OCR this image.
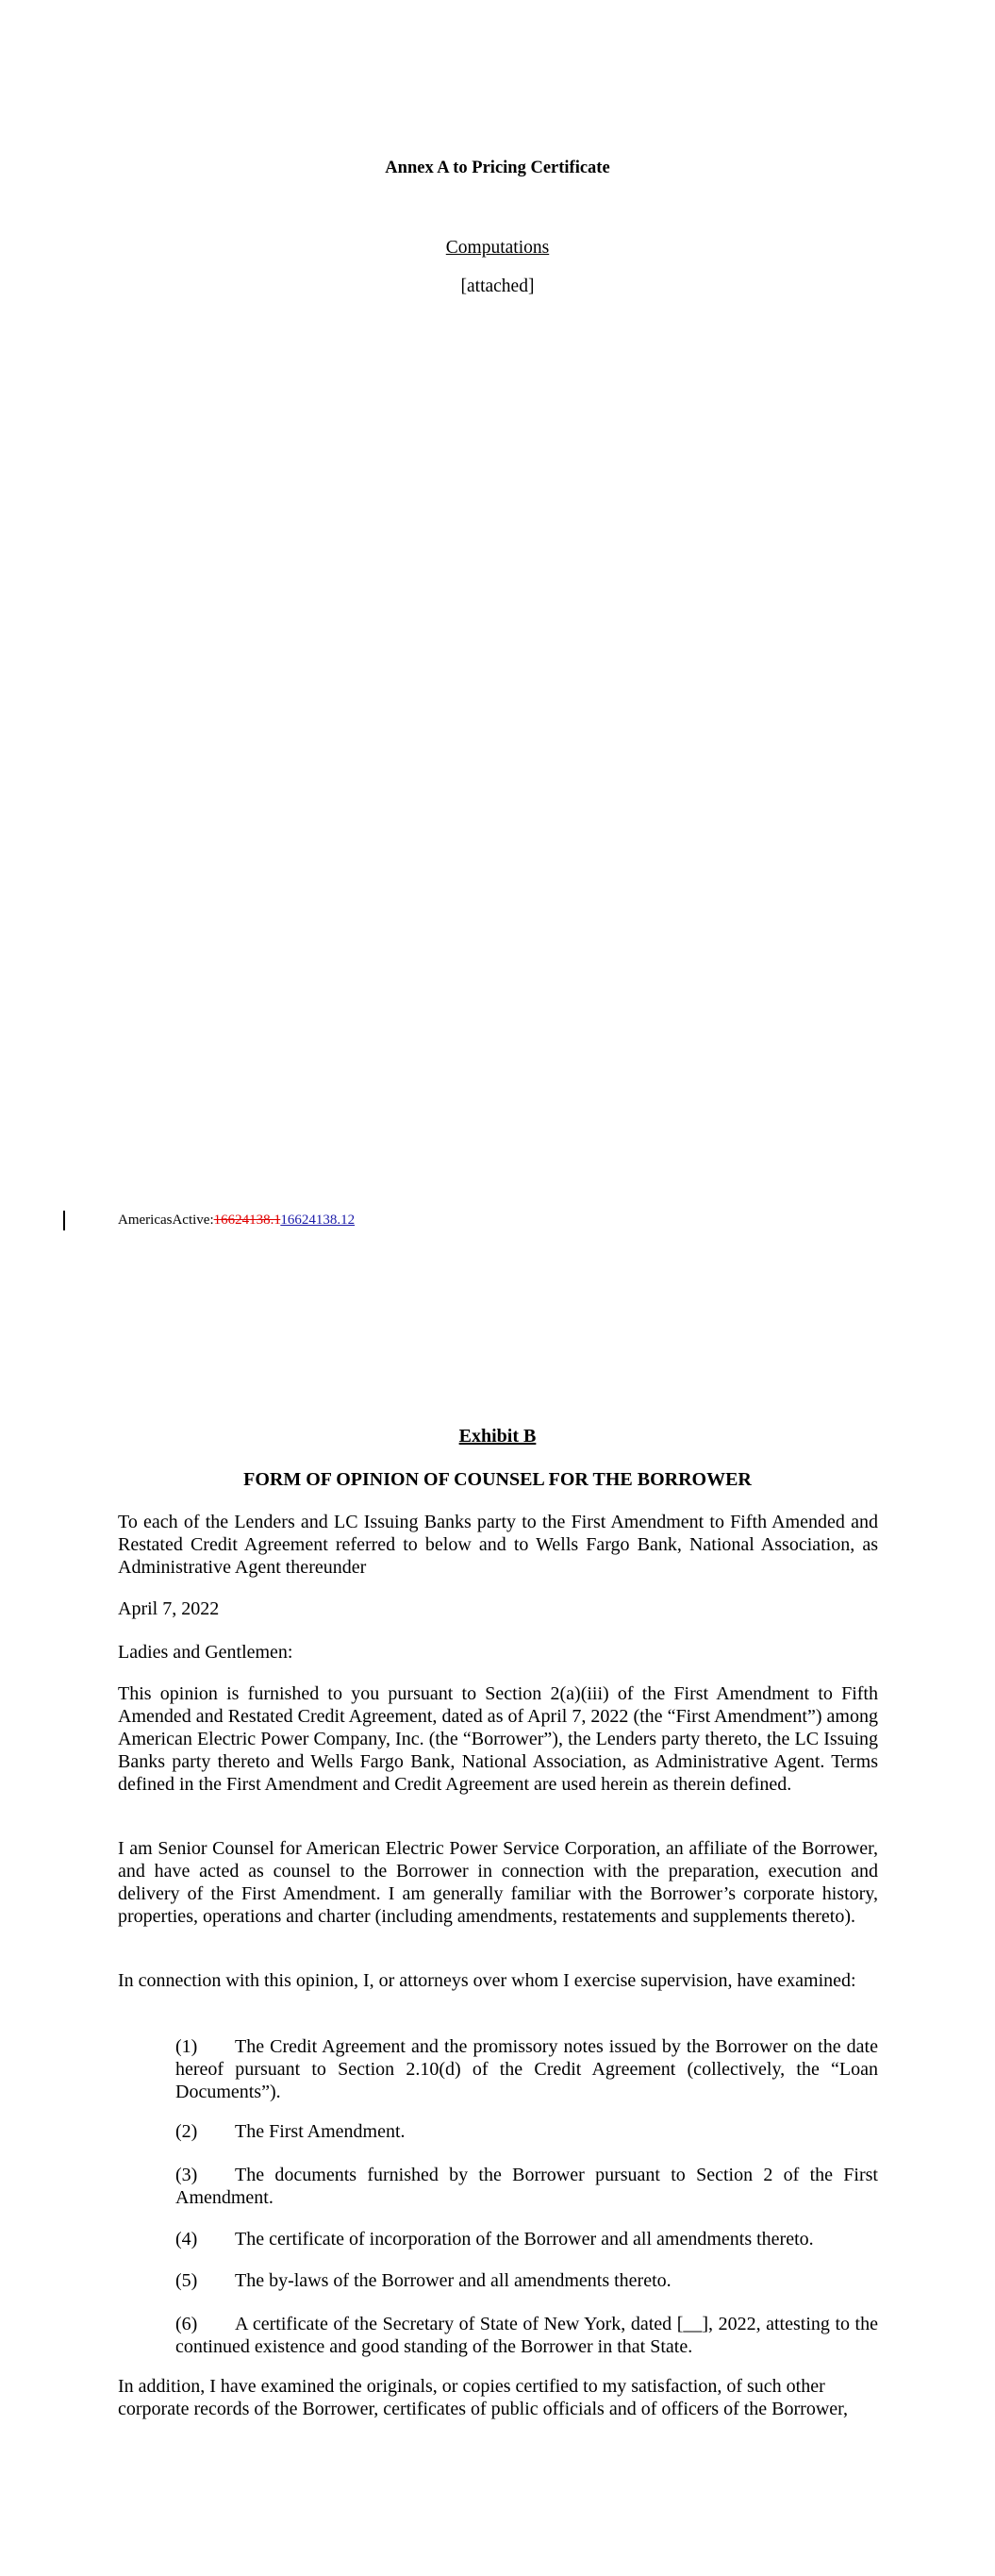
Annex A to Pricing Certificate
Computations
[attached]
AmericasActive:16624138.116624138.12
Exhibit B
FORM OF OPINION OF COUNSEL FOR THE BORROWER

To each of the Lenders and LC Issuing Banks party to the First Amendment to Fifth Amended and Restated Credit Agreement referred to below and to Wells Fargo Bank, National Association, as Administrative Agent thereunder

April 7, 2022

Ladies and Gentlemen:

This opinion is furnished to you pursuant to Section 2(a)(iii) of the First Amendment to Fifth Amended and Restated Credit Agreement, dated as of April 7, 2022 (the “First Amendment”) among American Electric Power Company, Inc. (the “Borrower”), the Lenders party thereto, the LC Issuing Banks party thereto and Wells Fargo Bank, National Association, as Administrative Agent. Terms defined in the First Amendment and Credit Agreement are used herein as therein defined.

I am Senior Counsel for American Electric Power Service Corporation, an affiliate of the Borrower, and have acted as counsel to the Borrower in connection with the preparation, execution and delivery of the First Amendment. I am generally familiar with the Borrower’s corporate history, properties, operations and charter (including amendments, restatements and supplements thereto).

In connection with this opinion, I, or attorneys over whom I exercise supervision, have examined:

(1) The Credit Agreement and the promissory notes issued by the Borrower on the date hereof pursuant to Section 2.10(d) of the Credit Agreement (collectively, the “Loan Documents”).

(2) The First Amendment.

(3) The documents furnished by the Borrower pursuant to Section 2 of the First Amendment.

(4) The certificate of incorporation of the Borrower and all amendments thereto.

(5) The by-laws of the Borrower and all amendments thereto.

(6) A certificate of the Secretary of State of New York, dated [__], 2022, attesting to the continued existence and good standing of the Borrower in that State.

In addition, I have examined the originals, or copies certified to my satisfaction, of such other corporate records of the Borrower, certificates of public officials and of officers of the Borrower,
